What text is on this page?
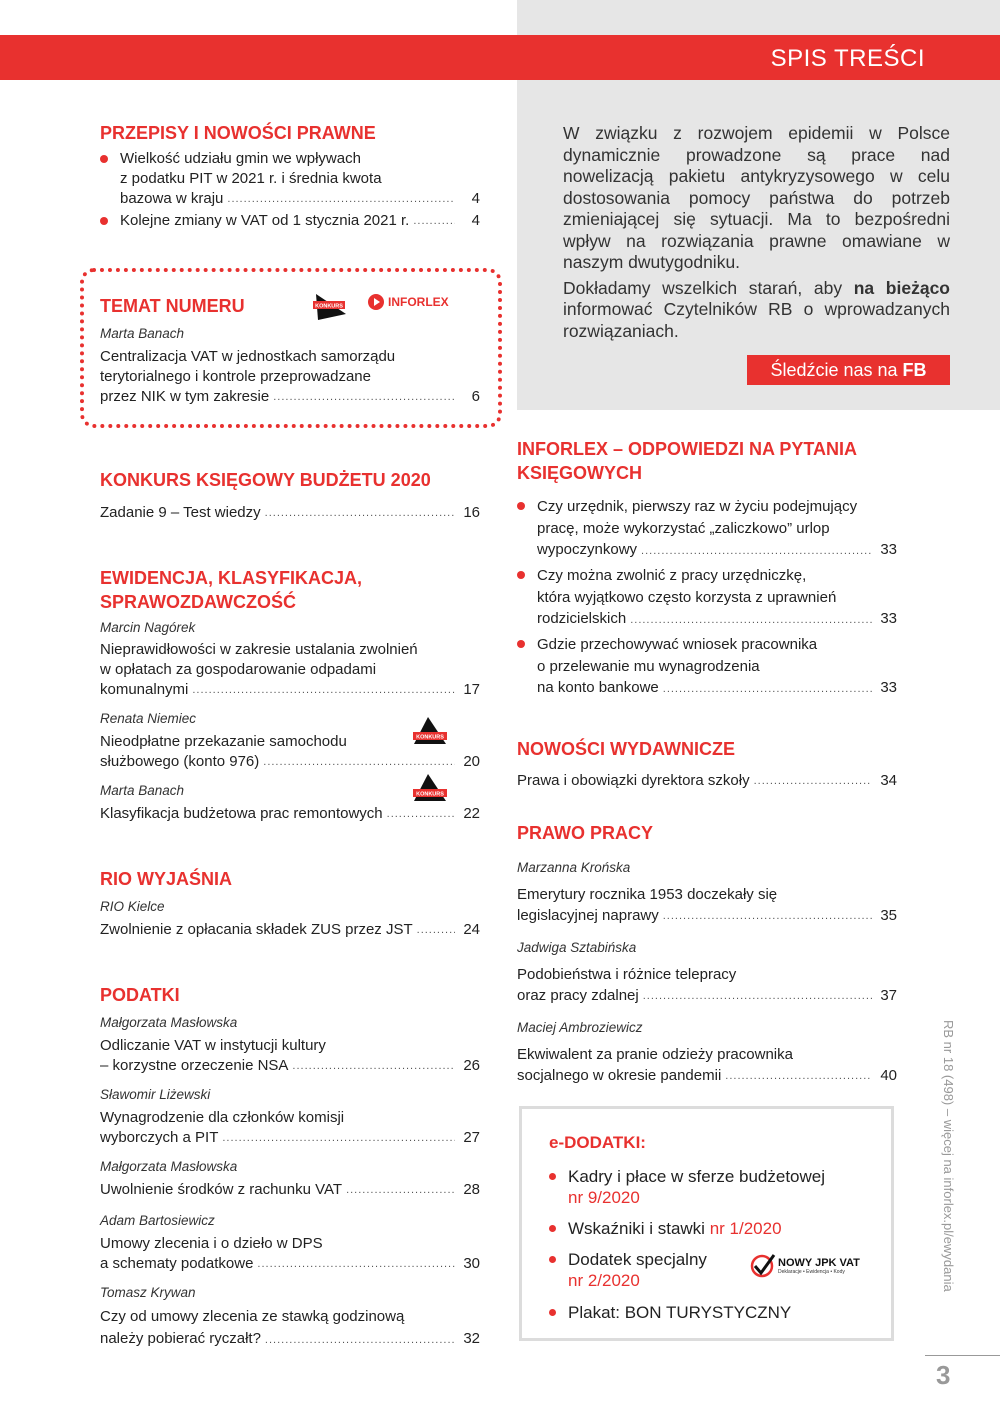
SPIS TREŚCI
PRZEPISY I NOWOŚCI PRAWNE
Wielkość udziału gmin we wpływach
z podatku PIT w 2021 r. i średnia kwota
bazowa w kraju .....	4
Kolejne zmiany w VAT od 1 stycznia 2021 r. .....	4
TEMAT NUMERU	KONKURS	INFORLEX
Marta Banach
Centralizacja VAT w jednostkach samorządu
terytorialnego i kontrole przeprowadzane
przez NIK w tym zakresie .....	6
KONKURS KSIĘGOWY BUDŻETU 2020
Zadanie 9 – Test wiedzy .....	16
EWIDENCJA, KLASYFIKACJA,
SPRAWOZDAWCZOŚĆ
Marcin Nagórek
Nieprawidłowości w zakresie ustalania zwolnień
w opłatach za gospodarowanie odpadami
komunalnymi .....	17
Renata Niemiec
KONKURS
Nieodpłatne przekazanie samochodu
służbowego (konto 976) .....	20
Marta Banach	KONKURS
Klasyfikacja budżetowa prac remontowych .....	22
RIO WYJAŚNIA
RIO Kielce
Zwolnienie z opłacania składek ZUS przez JST .....	24
PODATKI
Małgorzata Masłowska
Odliczanie VAT w instytucji kultury
– korzystne orzeczenie NSA .....	26
Sławomir Liżewski
Wynagrodzenie dla członków komisji
wyborczych a PIT .....	27
Małgorzata Masłowska
Uwolnienie środków z rachunku VAT .....	28
Adam Bartosiewicz
Umowy zlecenia i o dzieło w DPS
a schematy podatkowe .....	30
Tomasz Krywan
Czy od umowy zlecenia ze stawką godzinową
należy pobierać ryczałt? .....	32

W związku z rozwojem epidemii w Polsce dynamicznie prowadzone są prace nad nowelizacją pakietu antykryzysowego w celu dostosowania pomocy państwa do potrzeb zmieniającej się sytuacji. Ma to bezpośredni wpływ na rozwiązania prawne omawiane w naszym dwutygodniku.

Dokładamy wszelkich starań, aby na bieżąco informować Czytelników RB o wprowadzanych rozwiązaniach.

Śledźcie nas na FB
INFORLEX – ODPOWIEDZI NA PYTANIA
KSIĘGOWYCH
Czy urzędnik, pierwszy raz w życiu podejmujący
pracę, może wykorzystać „zaliczkowo” urlop
wypoczynkowy .....	33
Czy można zwolnić z pracy urzędniczkę,
która wyjątkowo często korzysta z uprawnień
rodzicielskich .....	33
Gdzie przechowywać wniosek pracownika
o przelewanie mu wynagrodzenia
na konto bankowe .....	33
NOWOŚCI WYDAWNICZE
Prawa i obowiązki dyrektora szkoły .....	34
PRAWO PRACY
Marzanna Krońska
Emerytury rocznika 1953 doczekały się
legislacyjnej naprawy .....	35
Jadwiga Sztabińska
Podobieństwa i różnice telepracy
oraz pracy zdalnej .....	37
Maciej Ambroziewicz
Ekwiwalent za pranie odzieży pracownika
socjalnego w okresie pandemii .....	40
e-DODATKI:
Kadry i płace w sferze budżetowej
nr 9/2020
Wskaźniki i stawki nr 1/2020
Dodatek specjalny
nr 2/2020
NOWY JPK VAT
Deklaracje • Ewidencja • Kody
Plakat: BON TURYSTYCZNY
RB nr 18 (498) – więcej na inforlex.pl/ewydania
3
